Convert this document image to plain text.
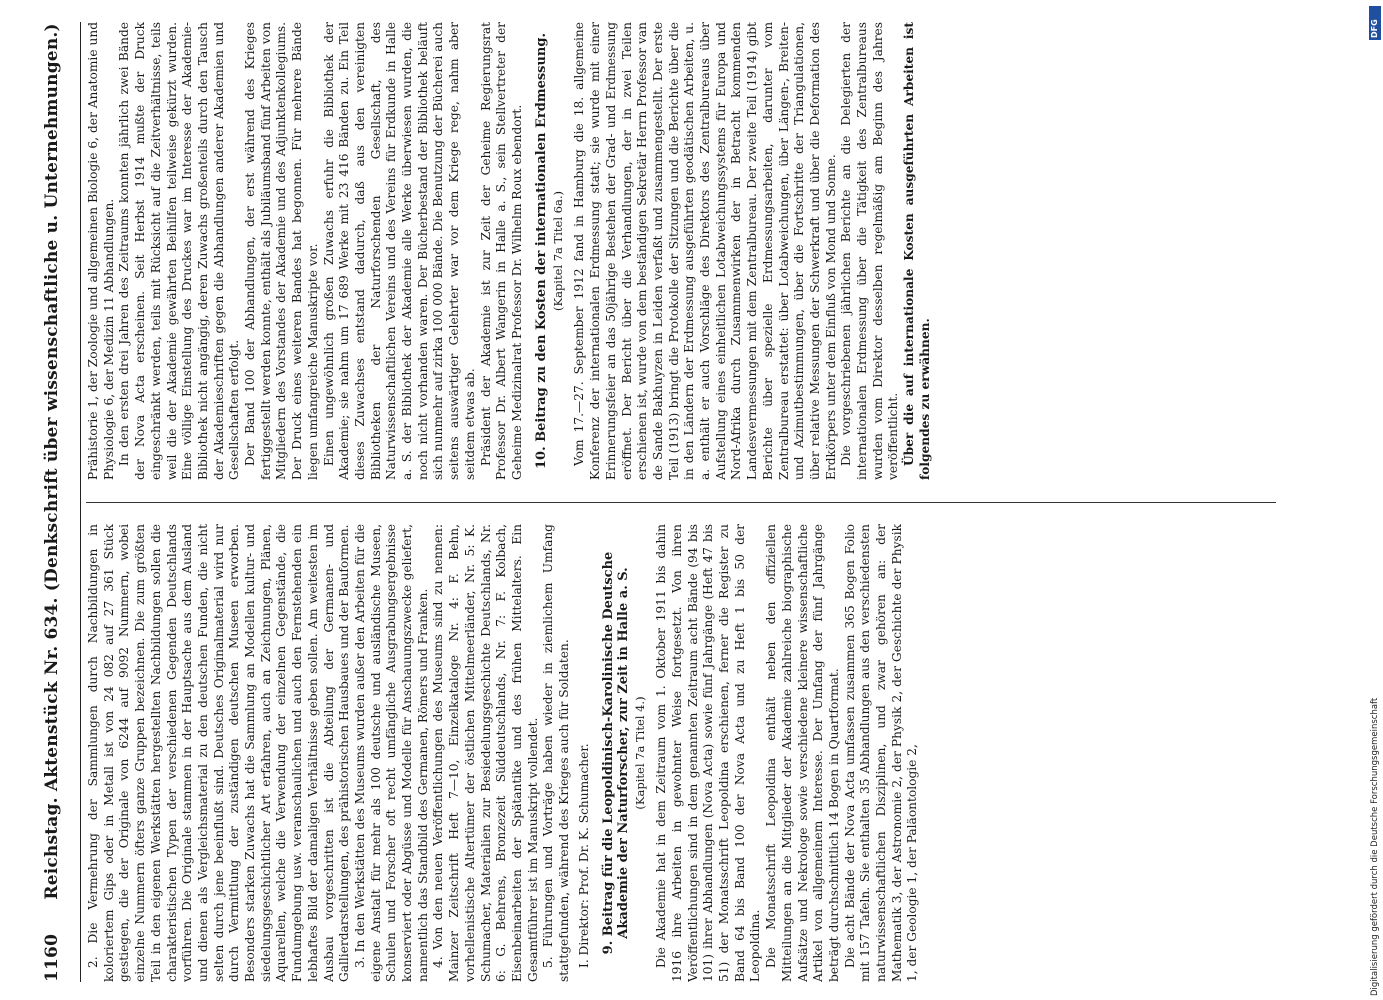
1160  Reichstag. Aktenstück Nr. 634. (Denkschrift über wissenschaftliche u. Unternehmungen.)	2. Die Vermehrung der Sammlungen durch Nachbildungen in koloriertem Gips oder in Metall ist von 24 082 auf 27 361 Stück gestiegen, die der Originale von 6244 auf 9092 Nummern, wobei einzelne Nummern öfters ganze Gruppen bezeichnen. Die zum größten Teil in den eigenen Werkstätten hergestellten Nachbildungen sollen die charakteristischen Typen der verschiedenen Gegenden Deutschlands vorführen. Die Originale stammen in der Hauptsache aus dem Ausland und dienen als Vergleichsmaterial zu den deutschen Funden, die nicht selten durch jene beeinflußt sind. Deutsches Originalmaterial wird nur durch Vermittlung der zuständigen deutschen Museen erworben. Besonders starken Zuwachs hat die Sammlung an Modellen kultur- und siedelungsgeschichtlicher Art erfahren, auch an Zeichnungen, Plänen, Aquarellen, welche die Verwendung der einzelnen Gegenstände, die Fundumgebung usw. veranschaulichen und auch den Fernstehenden ein lebhaftes Bild der damaligen Verhältnisse geben sollen. Am weitesten im Ausbau vorgeschritten ist die Abteilung der Germanen- und Gallierdarstellungen, des prähistorischen Hausbaues und der Bauformen. 3. In den Werkstätten des Museums wurden außer den Arbeiten für die eigene Anstalt für mehr als 100 deutsche und ausländische Museen, Schulen und Forscher oft recht umfängliche Ausgrabungsergebnisse konserviert oder Abgüsse und Modelle für Anschauungszwecke geliefert, namentlich das Standbild des Germanen, Römers und Franken. 4. Von den neuen Veröffentlichungen des Museums sind zu nennen: Mainzer Zeitschrift Heft 7—10, Einzelkataloge Nr. 4: F. Behn, vorhellenistische Altertümer der östlichen Mittelmeerländer, Nr. 5: K. Schumacher, Materialien zur Besiedelungsgeschichte Deutschlands, Nr. 6: G. Behrens, Bronzezeit Süddeutschlands, Nr. 7: F. Kolbach, Eisenbeinarbeiten der Spätantike und des frühen Mittelalters. Ein Gesamtführer ist im Manuskript vollendet. 5. Führungen und Vorträge haben wieder in ziemlichem Umfang stattgefunden, während des Krieges auch für Soldaten. I. Direktor: Prof. Dr. K. Schumacher. 9. Beitrag für die Leopoldinisch-Karolinische Deutsche Akademie der Naturforscher, zur Zeit in Halle a. S. (Kapitel 7a Titel 4.) Die Akademie hat in dem Zeitraum vom 1. Oktober 1911 bis dahin 1916 ihre Arbeiten in gewohnter Weise fortgesetzt. Von ihren Veröffentlichungen sind in dem genannten Zeitraum acht Bände (94 bis 101) ihrer Abhandlungen (Nova Acta) sowie fünf Jahrgänge (Heft 47 bis 51) der Monatsschrift Leopoldina erschienen, ferner die Register zu Band 64 bis Band 100 der Nova Acta und zu Heft 1 bis 50 der Leopoldina. Die Monatsschrift Leopoldina enthält neben den offiziellen Mitteilungen an die Mitglieder der Akademie zahlreiche biographische Aufsätze und Nekrologe sowie verschiedene kleinere wissenschaftliche Artikel von allgemeinem Interesse. Der Umfang der fünf Jahrgänge beträgt durchschnittlich 14 Bogen in Quartformat. Die acht Bände der Nova Acta umfassen zusammen 365 Bogen Folio mit 157 Tafeln. Sie enthalten 35 Abhandlungen aus den verschiedensten naturwissenschaftlichen Disziplinen, und zwar gehören an: der Mathematik 3, der Astronomie 2, der Physik 2, der Geschichte der Physik 1, der Geologie 1, der Paläontologie 2,

Prähistorie 1, der Zoologie und allgemeinen Biologie 6, der Anatomie und Physiologie 6, der Medizin 11 Abhandlungen. In den ersten drei Jahren des Zeitraums konnten jährlich zwei Bände der Nova Acta erscheinen. Seit Herbst 1914 mußte der Druck eingeschränkt werden, teils mit Rücksicht auf die Zeitverhältnisse, teils weil die der Akademie gewährten Beihilfen teilweise gekürzt wurden. Eine völlige Einstellung des Druckes war im Interesse der Akademie-Bibliothek nicht angängig, deren Zuwachs großenteils durch den Tausch der Akademieschriften gegen die Abhandlungen anderer Akademien und Gesellschaften erfolgt. Der Band 100 der Abhandlungen, der erst während des Krieges fertiggestellt werden konnte, enthält als Jubiläumsband fünf Arbeiten von Mitgliedern des Vorstandes der Akademie und des Adjunktenkollegiums. Der Druck eines weiteren Bandes hat begonnen. Für mehrere Bände liegen umfangreiche Manuskripte vor. Einen ungewöhnlich großen Zuwachs erfuhr die Bibliothek der Akademie; sie nahm um 17 689 Werke mit 23 416 Bänden zu. Ein Teil dieses Zuwachses entstand dadurch, daß aus den vereinigten Bibliotheken der Naturforschenden Gesellschaft, des Naturwissenschaftlichen Vereins und des Vereins für Erdkunde in Halle a. S. der Bibliothek der Akademie alle Werke überwiesen wurden, die noch nicht vorhanden waren. Der Bücherbestand der Bibliothek beläuft sich nunmehr auf zirka 100 000 Bände. Die Benutzung der Bücherei auch seitens auswärtiger Gelehrter war vor dem Kriege rege, nahm aber seitdem etwas ab. Präsident der Akademie ist zur Zeit der Geheime Regierungsrat Professor Dr. Albert Wangerin in Halle a. S., sein Stellvertreter der Geheime Medizinalrat Professor Dr. Wilhelm Roux ebendort. 10. Beitrag zu den Kosten der internationalen Erdmessung. (Kapitel 7a Titel 6a.) Vom 17.—27. September 1912 fand in Hamburg die 18. allgemeine Konferenz der internationalen Erdmessung statt; sie wurde mit einer Erinnerungsfeier an das 50jährige Bestehen der Grad- und Erdmessung eröffnet. Der Bericht über die Verhandlungen, der in zwei Teilen erschienen ist, wurde von dem beständigen Sekretär Herrn Professor van de Sande Bakhuyzen in Leiden verfaßt und zusammengestellt. Der erste Teil (1913) bringt die Protokolle der Sitzungen und die Berichte über die in den Ländern der Erdmessung ausgeführten geodätischen Arbeiten, u. a. enthält er auch Vorschläge des Direktors des Zentralbureaus über Aufstellung eines einheitlichen Lotabweichungssystems für Europa und Nord-Afrika durch Zusammenwirken der in Betracht kommenden Landesvermessungen mit dem Zentralbureau. Der zweite Teil (1914) gibt Berichte über spezielle Erdmessungsarbeiten, darunter vom Zentralbureau erstattet: über Lotabweichungen, über Längen-, Breiten- und Azimutbestimmungen, über die Fortschritte der Triangulationen, über relative Messungen der Schwerkraft und über die Deformation des Erdkörpers unter dem Einfluß von Mond und Sonne. Die vorgeschriebenen jährlichen Berichte an die Delegierten der internationalen Erdmessung über die Tätigkeit des Zentralbureaus wurden vom Direktor desselben regelmäßig am Beginn des Jahres veröffentlicht. Über die auf internationale Kosten ausgeführten Arbeiten ist folgendes zu erwähnen.

DFG
Digitalisierung gefördert durch die Deutsche Forschungsgemeinschaft
